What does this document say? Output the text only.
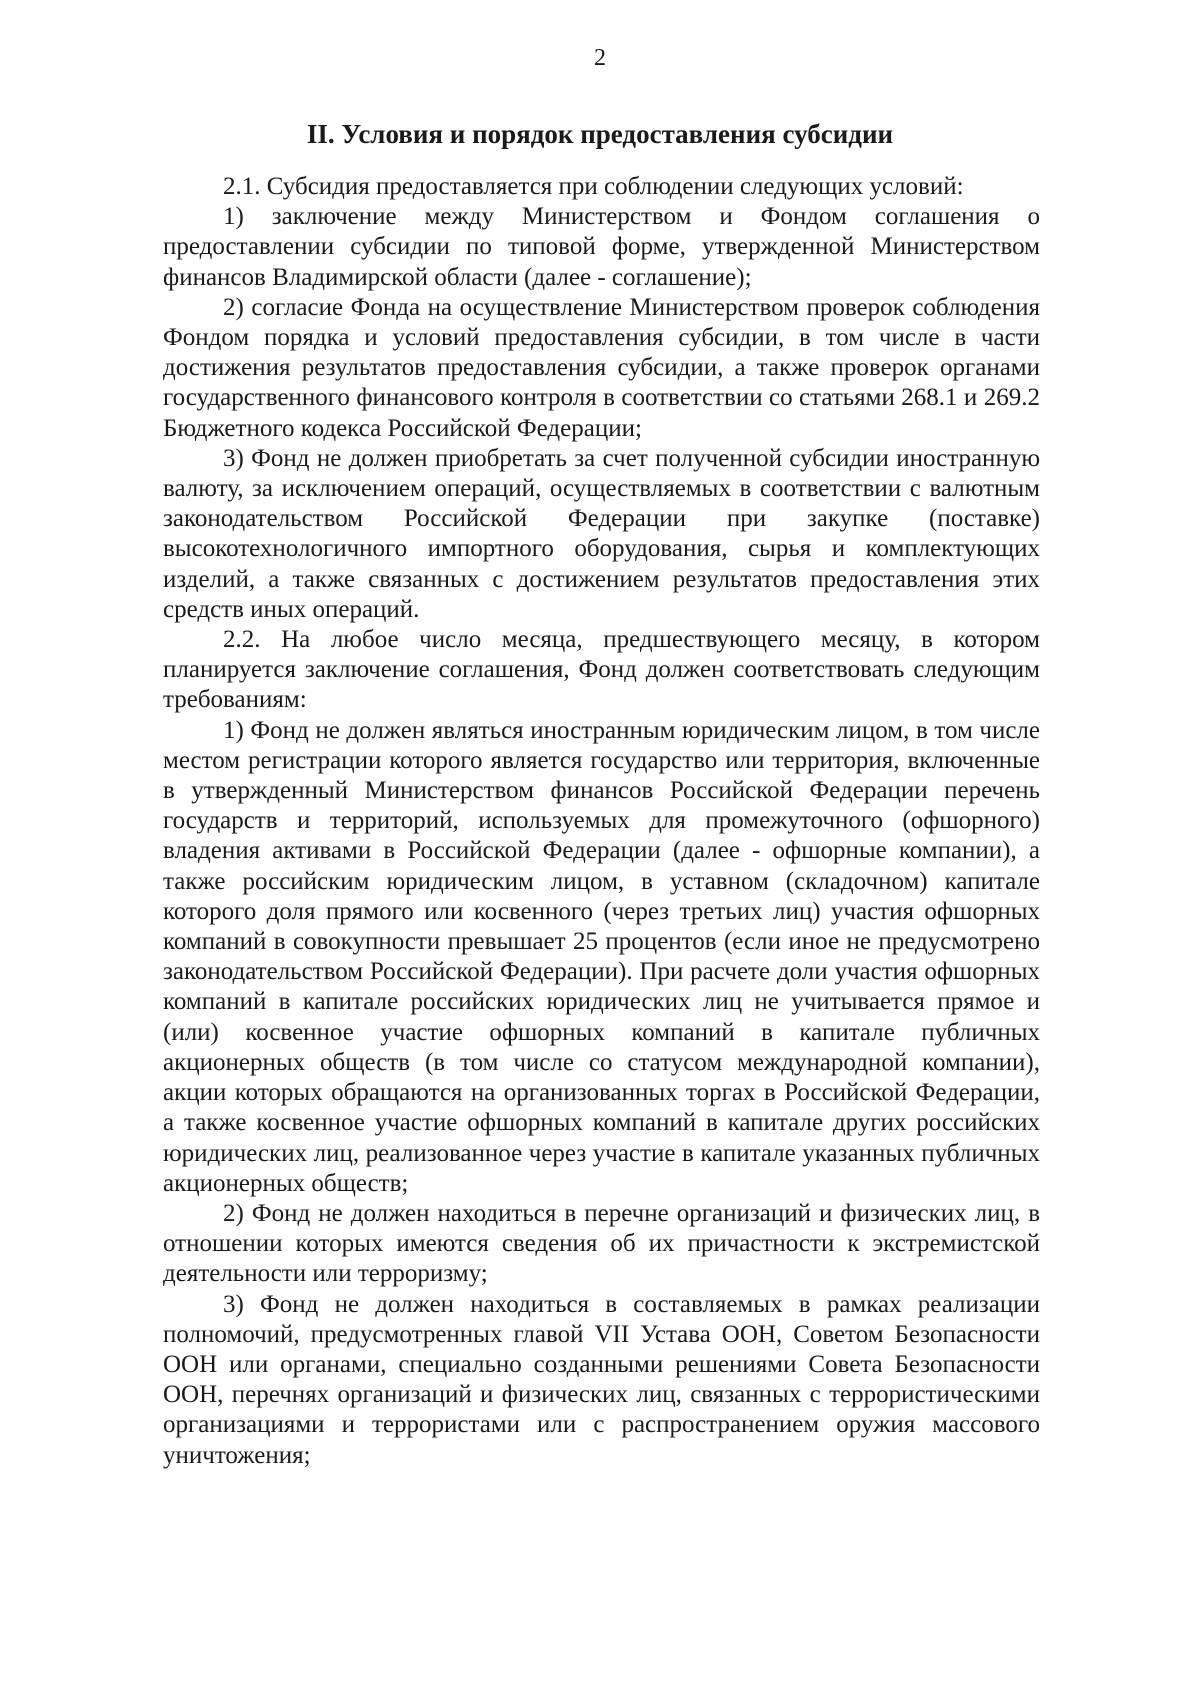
2
II. Условия и порядок предоставления субсидии

2.1. Субсидия предоставляется при соблюдении следующих условий:

1) заключение между Министерством и Фондом соглашения о предоставлении субсидии по типовой форме, утвержденной Министерством финансов Владимирской области (далее - соглашение);

2) согласие Фонда на осуществление Министерством проверок соблюдения Фондом порядка и условий предоставления субсидии, в том числе в части достижения результатов предоставления субсидии, а также проверок органами государственного финансового контроля в соответствии со статьями 268.1 и 269.2 Бюджетного кодекса Российской Федерации;

3) Фонд не должен приобретать за счет полученной субсидии иностранную валюту, за исключением операций, осуществляемых в соответствии с валютным законодательством Российской Федерации при закупке (поставке) высокотехнологичного импортного оборудования, сырья и комплектующих изделий, а также связанных с достижением результатов предоставления этих средств иных операций.

2.2. На любое число месяца, предшествующего месяцу, в котором планируется заключение соглашения, Фонд должен соответствовать следующим требованиям:

1) Фонд не должен являться иностранным юридическим лицом, в том числе местом регистрации которого является государство или территория, включенные в утвержденный Министерством финансов Российской Федерации перечень государств и территорий, используемых для промежуточного (офшорного) владения активами в Российской Федерации (далее - офшорные компании), а также российским юридическим лицом, в уставном (складочном) капитале которого доля прямого или косвенного (через третьих лиц) участия офшорных компаний в совокупности превышает 25 процентов (если иное не предусмотрено законодательством Российской Федерации). При расчете доли участия офшорных компаний в капитале российских юридических лиц не учитывается прямое и (или) косвенное участие офшорных компаний в капитале публичных акционерных обществ (в том числе со статусом международной компании), акции которых обращаются на организованных торгах в Российской Федерации, а также косвенное участие офшорных компаний в капитале других российских юридических лиц, реализованное через участие в капитале указанных публичных акционерных обществ;

2) Фонд не должен находиться в перечне организаций и физических лиц, в отношении которых имеются сведения об их причастности к экстремистской деятельности или терроризму;

3) Фонд не должен находиться в составляемых в рамках реализации полномочий, предусмотренных главой VII Устава ООН, Советом Безопасности ООН или органами, специально созданными решениями Совета Безопасности ООН, перечнях организаций и физических лиц, связанных с террористическими организациями и террористами или с распространением оружия массового уничтожения;
